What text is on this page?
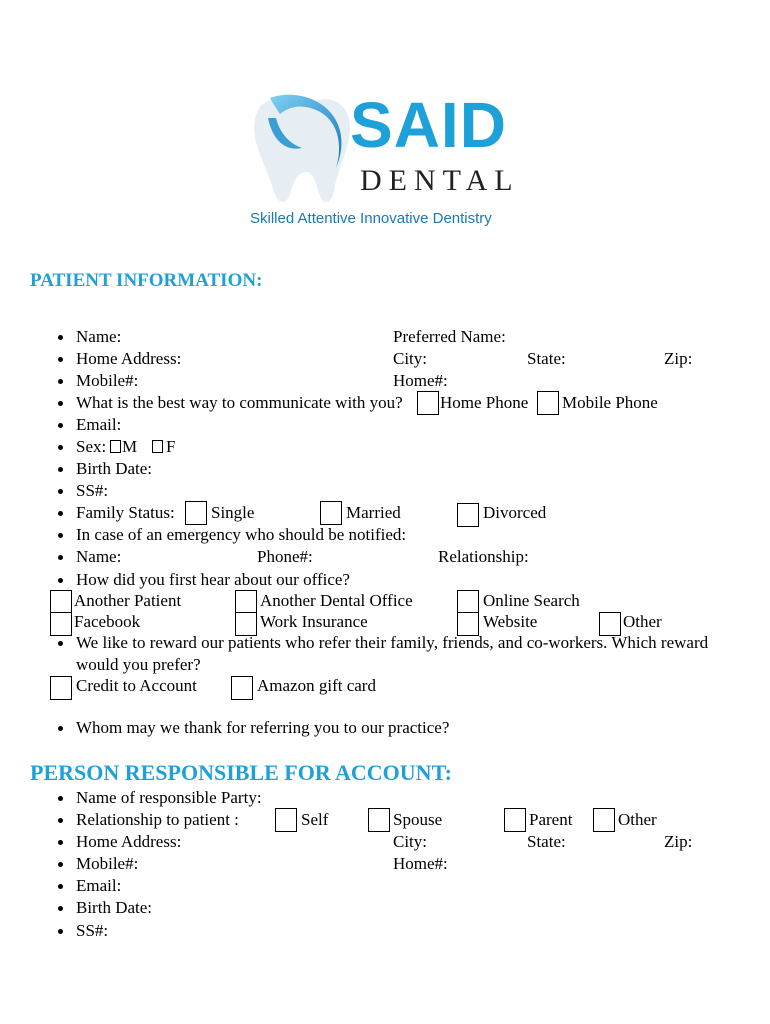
SAID
DENTAL
Skilled Attentive Innovative Dentistry
PATIENT INFORMATION:
Name:	Preferred Name:
Home Address:	City:	State:	Zip:
Mobile#:	Home#:
What is the best way to communicate with you? Home Phone Mobile Phone
Email:
Sex: M F
Birth Date:
SS#:
Family Status: Single	Married	Divorced
In case of an emergency who should be notified:
Name:	Phone#:	Relationship:
How did you first hear about our office?
Another Patient	Another Dental Office	Online Search
Facebook	Work Insurance	Website	Other
We like to reward our patients who refer their family, friends, and co-workers. Which reward
would you prefer?
Credit to Account	Amazon gift card
Whom may we thank for referring you to our practice?
PERSON RESPONSIBLE FOR ACCOUNT:
Name of responsible Party:
Relationship to patient :	Self	Spouse	Parent	Other
Home Address:	City:	State:	Zip:
Mobile#:	Home#:
Email:
Birth Date:
SS#:
